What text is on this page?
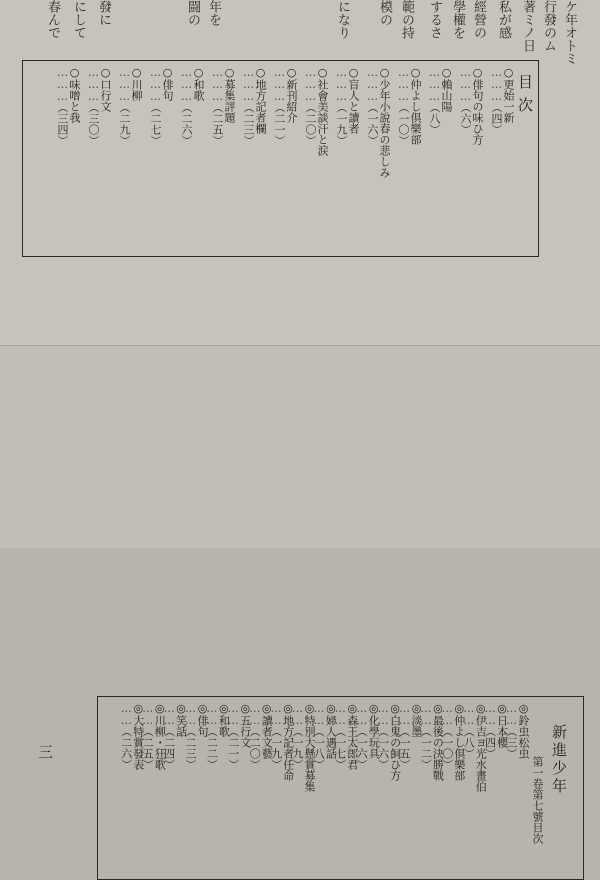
ケ年オトミ
行發のム
著ミノ日
私が感
經營の
學權を
するさ
範の持
模の
になり
年を
闘の
發に
にして
春んで
目次
○更始一新
………（四）
○俳句の味ひ方
………（六）
○賴山陽
………（八）
○仲よし倶樂部
………（一〇）
○少年小說春の悲しみ
………（一六）
○盲人と讀者
………（一九）
○社會美談汗と涙
………（二〇）
○新刊紹介
………（二一）
○地方記者欄
………（二三）
○募集評題
………（二五）
○和歌
………（二六）
○俳句
………（二七）
○川柳
………（二九）
○口行文
………（三〇）
○味噌と我
………（三四）
新進少年
第一卷第七號目次
◎鈴虫松虫
……（三）
◎日本櫻
……（四）
◎伊吉ヨ光水畫伯
……（八）
◎仲よし倶樂部
……（一〇）
◎最後の決勝戰
……（一二）
◎淡墨
……（一五）
◎白鬼の飼ひ方
……（一六）
◎化學玩具
……（一六）
◎森王太郎君
……（一七）
◎婦人遇話
……（一八）
◎特別大懸賞募集
……（一九）
◎地方記者任命
……（一九）
◎讀者文藝
……（二〇）
◎五行文
……（二一）
◎和歌
……（二二）
◎俳句
……（二三）
◎笑話
……（二四）
◎川柳・狂歌
……（二五）
◎大特賞發表
……（二六）
三
